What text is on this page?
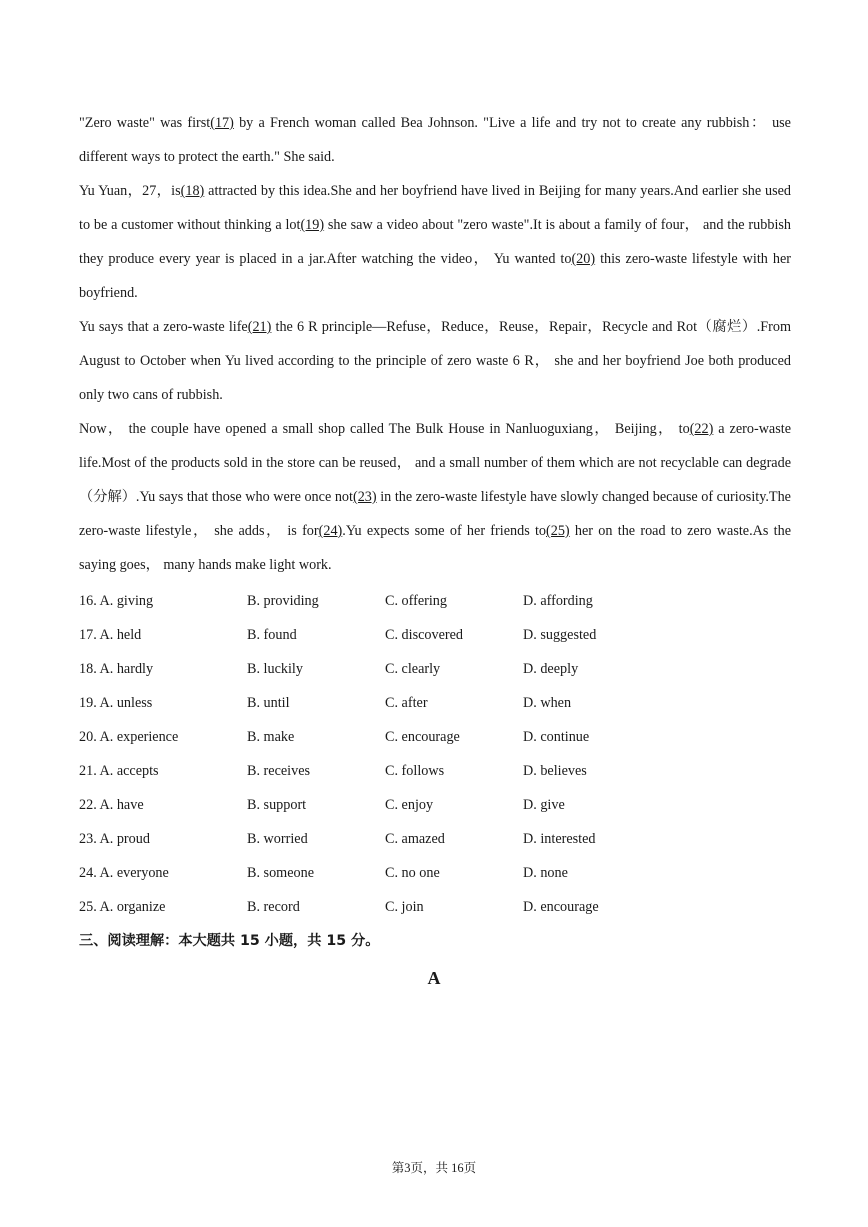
"Zero waste" was first(17) by a French woman called Bea Johnson. "Live a life and try not to create any rubbish： use different ways to protect the earth." She said.

Yu Yuan，27，is(18) attracted by this idea.She and her boyfriend have lived in Beijing for many years.And earlier she used to be a customer without thinking a lot(19) she saw a video about "zero waste".It is about a family of four， and the rubbish they produce every year is placed in a jar.After watching the video， Yu wanted to(20) this zero-waste lifestyle with her boyfriend.

Yu says that a zero-waste life(21) the 6 R principle—Refuse，Reduce，Reuse，Repair，Recycle and Rot（腐烂）.From August to October when Yu lived according to the principle of zero waste 6 R， she and her boyfriend Joe both produced only two cans of rubbish.

Now， the couple have opened a small shop called The Bulk House in Nanluoguxiang， Beijing， to(22) a zero-waste life.Most of the products sold in the store can be reused， and a small number of them which are not recyclable can degrade （分解）.Yu says that those who were once not(23) in the zero-waste lifestyle have slowly changed because of curiosity.The zero-waste lifestyle， she adds， is for(24).Yu expects some of her friends to(25) her on the road to zero waste.As the saying goes， many hands make light work.

16. A. giving	B. providing	C. offering	D. affording
17. A. held	B. found	C. discovered	D. suggested
18. A. hardly	B. luckily	C. clearly	D. deeply
19. A. unless	B. until	C. after	D. when
20. A. experience	B. make	C. encourage	D. continue
21. A. accepts	B. receives	C. follows	D. believes
22. A. have	B. support	C. enjoy	D. give
23. A. proud	B. worried	C. amazed	D. interested
24. A. everyone	B. someone	C. no one	D. none
25. A. organize	B. record	C. join	D. encourage
三、阅读理解：本大题共 15 小题，共 15 分。
A
第3页，共 16页
